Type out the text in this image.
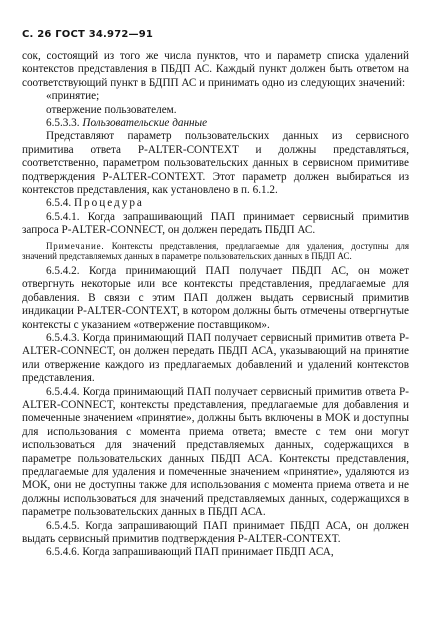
С. 26 ГОСТ 34.972—91

сок, состоящий из того же числа пунктов, что и параметр списка удалений контекстов представления в ПБДП АС. Каждый пункт должен быть ответом на соответствующий пункт в БДПП АС и принимать одно из следующих значений:

«принятие;

отвержение пользователем.

6.5.3.3. Пользовательские данные

Представляют параметр пользовательских данных из сервисного примитива ответа P-ALTER-CONTEXT и должны представляться, соответственно, параметром пользовательских данных в сервисном примитиве подтверждения P-ALTER-CONTEXT. Этот параметр должен выбираться из контекстов представления, как установлено в п. 6.1.2.

6.5.4. Процедура

6.5.4.1. Когда запрашивающий ПАП принимает сервисный примитив запроса P-ALTER-CONNECT, он должен передать ПБДП АС.

Примечание. Контексты представления, предлагаемые для удаления, доступны для значений представляемых данных в параметре пользовательских данных в ПБДП АС.

6.5.4.2. Когда принимающий ПАП получает ПБДП АС, он может отвергнуть некоторые или все контексты представления, предлагаемые для добавления. В связи с этим ПАП должен выдать сервисный примитив индикации P-ALTER-CONTEXT, в котором должны быть отмечены отвергнутые контексты с указанием «отвержение поставщиком».

6.5.4.3. Когда принимающий ПАП получает сервисный примитив ответа P-ALTER-CONNECT, он должен передать ПБДП АСА, указывающий на принятие или отвержение каждого из предлагаемых добавлений и удалений контекстов представления.

6.5.4.4. Когда принимающий ПАП получает сервисный примитив ответа P-ALTER-CONNECT, контексты представления, предлагаемые для добавления и помеченные значением «принятие», должны быть включены в МОК и доступны для использования с момента приема ответа; вместе с тем они могут использоваться для значений представляемых данных, содержащихся в параметре пользовательских данных ПБДП АСА. Контексты представления, предлагаемые для удаления и помеченные значением «принятие», удаляются из МОК, они не доступны также для использования с момента приема ответа и не должны использоваться для значений представляемых данных, содержащихся в параметре пользовательских данных в ПБДП АСА.

6.5.4.5. Когда запрашивающий ПАП принимает ПБДП АСА, он должен выдать сервисный примитив подтверждения P-ALTER-CONTEXT.

6.5.4.6. Когда запрашивающий ПАП принимает ПБДП АСА,
